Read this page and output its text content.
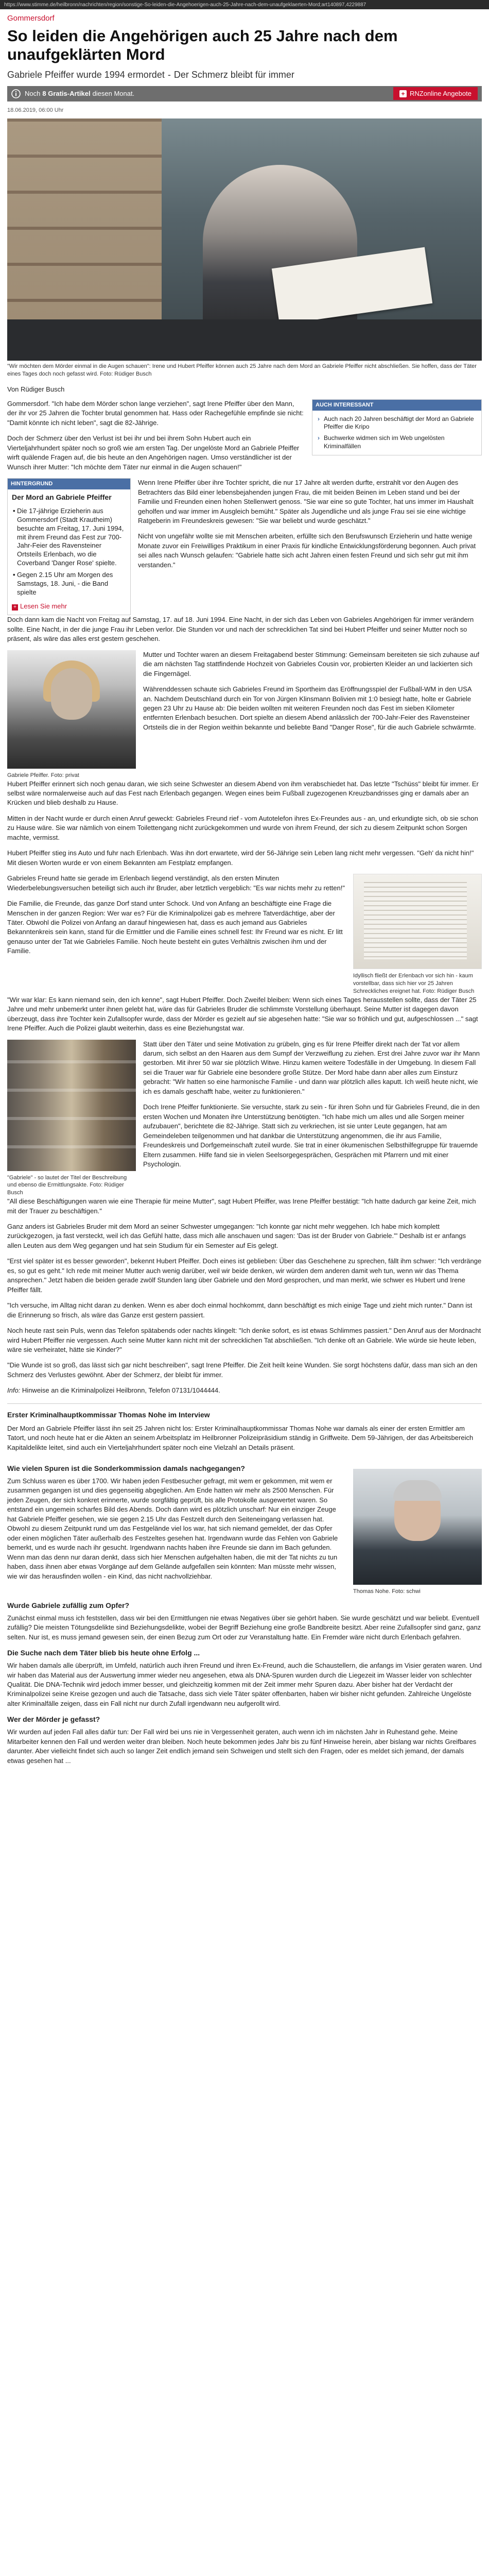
https://www.stimme.de/heilbronn/nachrichten/region/sonstige-So-leiden-die-Angehoerigen-auch-25-Jahre-nach-dem-unaufgeklaerten-Mord;art140897,4229887
Gommersdorf
So leiden die Angehörigen auch 25 Jahre nach dem unaufgeklärten Mord
Gabriele Pfeiffer wurde 1994 ermordet - Der Schmerz bleibt für immer
Noch 8 Gratis-Artikel diesen Monat.	+ RNZonline Angebote
18.06.2019, 06:00 Uhr
"Wir möchten dem Mörder einmal in die Augen schauen": Irene und Hubert Pfeiffer können auch 25 Jahre nach dem Mord an Gabriele Pfeiffer nicht abschließen. Sie hoffen, dass der Täter eines Tages doch noch gefasst wird. Foto: Rüdiger Busch
Von Rüdiger Busch

Gommersdorf. "Ich habe dem Mörder schon lange verziehen", sagt Irene Pfeiffer über den Mann, der ihr vor 25 Jahren die Tochter brutal genommen hat. Hass oder Rachegefühle empfinde sie nicht: "Damit könnte ich nicht leben", sagt die 82-Jährige.

Doch der Schmerz über den Verlust ist bei ihr und bei ihrem Sohn Hubert auch ein Vierteljahrhundert später noch so groß wie am ersten Tag. Der ungelöste Mord an Gabriele Pfeiffer wirft quälende Fragen auf, die bis heute an den Angehörigen nagen. Umso verständlicher ist der Wunsch ihrer Mutter: "Ich möchte dem Täter nur einmal in die Augen schauen!"

AUCH INTERESSANT
› Auch nach 20 Jahren beschäftigt der Mord an Gabriele Pfeiffer die Kripo
› Buchwerke widmen sich im Web ungelösten Kriminalfällen
HINTERGRUND
Der Mord an Gabriele Pfeiffer
• Die 17-jährige Erzieherin aus Gommersdorf (Stadt Krautheim) besuchte am Freitag, 17. Juni 1994, mit ihrem Freund das Fest zur 700-Jahr-Feier des Ravensteiner Ortsteils Erlenbach, wo die Coverband 'Danger Rose' spielte.
• Gegen 2.15 Uhr am Morgen des Samstags, 18. Juni, - die Band spielte
+ Lesen Sie mehr

Wenn Irene Pfeiffer über ihre Tochter spricht, die nur 17 Jahre alt werden durfte, erstrahlt vor den Augen des Betrachters das Bild einer lebensbejahenden jungen Frau, die mit beiden Beinen im Leben stand und bei der Familie und Freunden einen hohen Stellenwert genoss. "Sie war eine so gute Tochter, hat uns immer im Haushalt geholfen und war immer im Ausgleich bemüht." Später als Jugendliche und als junge Frau sei sie eine wichtige Ratgeberin im Freundeskreis gewesen: "Sie war beliebt und wurde geschätzt."

Nicht von ungefähr wollte sie mit Menschen arbeiten, erfüllte sich den Berufswunsch Erzieherin und hatte wenige Monate zuvor ein Freiwilliges Praktikum in einer Praxis für kindliche Entwicklungsförderung begonnen. Auch privat sei alles nach Wunsch gelaufen: "Gabriele hatte sich acht Jahren einen festen Freund und sich sehr gut mit ihm verstanden."

Doch dann kam die Nacht von Freitag auf Samstag, 17. auf 18. Juni 1994. Eine Nacht, in der sich das Leben von Gabrieles Angehörigen für immer verändern sollte. Eine Nacht, in der die junge Frau ihr Leben verlor. Die Stunden vor und nach der schrecklichen Tat sind bei Hubert Pfeiffer und seiner Mutter noch so präsent, als wäre das alles erst gestern geschehen.

Gabriele Pfeiffer. Foto: privat

Mutter und Tochter waren an diesem Freitagabend bester Stimmung: Gemeinsam bereiteten sie sich zuhause auf die am nächsten Tag stattfindende Hochzeit von Gabrieles Cousin vor, probierten Kleider an und lackierten sich die Fingernägel.

Währenddessen schaute sich Gabrieles Freund im Sportheim das Eröffnungsspiel der Fußball-WM in den USA an. Nachdem Deutschland durch ein Tor von Jürgen Klinsmann Bolivien mit 1:0 besiegt hatte, holte er Gabriele gegen 23 Uhr zu Hause ab: Die beiden wollten mit weiteren Freunden noch das Fest im sieben Kilometer entfernten Erlenbach besuchen. Dort spielte an diesem Abend anlässlich der 700-Jahr-Feier des Ravensteiner Ortsteils die in der Region weithin bekannte und beliebte Band "Danger Rose", für die auch Gabriele schwärmte.

Hubert Pfeiffer erinnert sich noch genau daran, wie sich seine Schwester an diesem Abend von ihm verabschiedet hat. Das letzte "Tschüss" bleibt für immer. Er selbst wäre normalerweise auch auf das Fest nach Erlenbach gegangen. Wegen eines beim Fußball zugezogenen Kreuzbandrisses ging er damals aber an Krücken und blieb deshalb zu Hause.

Mitten in der Nacht wurde er durch einen Anruf geweckt: Gabrieles Freund rief - vom Autotelefon ihres Ex-Freundes aus - an, und erkundigte sich, ob sie schon zu Hause wäre. Sie war nämlich von einem Toilettengang nicht zurückgekommen und wurde von ihrem Freund, der sich zu diesem Zeitpunkt schon Sorgen machte, vermisst.

Hubert Pfeiffer stieg ins Auto und fuhr nach Erlenbach. Was ihn dort erwartete, wird der 56-Jährige sein Leben lang nicht mehr vergessen. "Geh' da nicht hin!" Mit diesen Worten wurde er von einem Bekannten am Festplatz empfangen.

Gabrieles Freund hatte sie gerade im Erlenbach liegend verständigt, als den ersten Minuten Wiederbelebungsversuchen beteiligt sich auch ihr Bruder, aber letztlich vergeblich: "Es war nichts mehr zu retten!"

Die Familie, die Freunde, das ganze Dorf stand unter Schock. Und von Anfang an beschäftigte eine Frage die Menschen in der ganzen Region: Wer war es? Für die Kriminalpolizei gab es mehrere Tatverdächtige, aber der Täter. Obwohl die Polizei von Anfang an darauf hingewiesen hat, dass es auch jemand aus Gabrieles Bekanntenkreis sein kann, stand für die Ermittler und die Familie eines schnell fest: Ihr Freund war es nicht. Er litt genauso unter der Tat wie Gabrieles Familie. Noch heute besteht ein gutes Verhältnis zwischen ihm und der Familie.

Idyllisch fließt der Erlenbach vor sich hin - kaum vorstellbar, dass sich hier vor 25 Jahren Schreckliches ereignet hat. Foto: Rüdiger Busch

"Wir war klar: Es kann niemand sein, den ich kenne", sagt Hubert Pfeiffer. Doch Zweifel bleiben: Wenn sich eines Tages herausstellen sollte, dass der Täter 25 Jahre und mehr unbemerkt unter ihnen gelebt hat, wäre das für Gabrieles Bruder die schlimmste Vorstellung überhaupt. Seine Mutter ist dagegen davon überzeugt, dass ihre Tochter kein Zufallsopfer wurde, dass der Mörder es gezielt auf sie abgesehen hatte: "Sie war so fröhlich und gut, aufgeschlossen ..." sagt Irene Pfeiffer. Auch die Polizei glaubt weiterhin, dass es eine Beziehungstat war.

"Gabriele" - so lautet der Titel der Beschreibung und ebenso die Ermittlungsakte. Foto: Rüdiger Busch

Statt über den Täter und seine Motivation zu grübeln, ging es für Irene Pfeiffer direkt nach der Tat vor allem darum, sich selbst an den Haaren aus dem Sumpf der Verzweiflung zu ziehen. Erst drei Jahre zuvor war ihr Mann gestorben. Mit ihrer 50 war sie plötzlich Witwe. Hinzu kamen weitere Todesfälle in der Umgebung. In diesem Fall sei die Trauer war für Gabriele eine besondere große Stütze. Der Mord habe dann aber alles zum Einsturz gebracht: "Wir hatten so eine harmonische Familie - und dann war plötzlich alles kaputt. Ich weiß heute nicht, wie ich es damals geschafft habe, weiter zu funktionieren."

Doch Irene Pfeiffer funktionierte. Sie versuchte, stark zu sein - für ihren Sohn und für Gabrieles Freund, die in den ersten Wochen und Monaten ihre Unterstützung benötigten. "Ich habe mich um alles und alle Sorgen meiner aufzubauen", berichtete die 82-Jährige. Statt sich zu verkriechen, ist sie unter Leute gegangen, hat am Gemeindeleben teilgenommen und hat dankbar die Unterstützung angenommen, die ihr aus Familie, Freundeskreis und Dorfgemeinschaft zuteil wurde. Sie trat in einer ökumenischen Selbsthilfegruppe für trauernde Eltern zusammen. Hilfe fand sie in vielen Seelsorgegesprächen, Gesprächen mit Pfarrern und mit einer Psychologin.

"All diese Beschäftigungen waren wie eine Therapie für meine Mutter", sagt Hubert Pfeiffer, was Irene Pfeiffer bestätigt: "Ich hatte dadurch gar keine Zeit, mich mit der Trauer zu beschäftigen."

Ganz anders ist Gabrieles Bruder mit dem Mord an seiner Schwester umgegangen: "Ich konnte gar nicht mehr weggehen. Ich habe mich komplett zurückgezogen, ja fast versteckt, weil ich das Gefühl hatte, dass mich alle anschauen und sagen: 'Das ist der Bruder von Gabriele.'" Deshalb ist er anfangs allen Leuten aus dem Weg gegangen und hat sein Studium für ein Semester auf Eis gelegt.

"Erst viel später ist es besser geworden", bekennt Hubert Pfeiffer. Doch eines ist geblieben: Über das Geschehene zu sprechen, fällt ihm schwer: "Ich verdränge es, so gut es geht." Ich rede mit meiner Mutter auch wenig darüber, weil wir beide denken, wir würden dem anderen damit weh tun, wenn wir das Thema ansprechen." Jetzt haben die beiden gerade zwölf Stunden lang über Gabriele und den Mord gesprochen, und man merkt, wie schwer es Hubert und Irene Pfeiffer fällt.

"Ich versuche, im Alltag nicht daran zu denken. Wenn es aber doch einmal hochkommt, dann beschäftigt es mich einige Tage und zieht mich runter." Dann ist die Erinnerung so frisch, als wäre das Ganze erst gestern passiert.

Noch heute rast sein Puls, wenn das Telefon spätabends oder nachts klingelt: "Ich denke sofort, es ist etwas Schlimmes passiert." Den Anruf aus der Mordnacht wird Hubert Pfeiffer nie vergessen. Auch seine Mutter kann nicht mit der schrecklichen Tat abschließen. "Ich denke oft an Gabriele. Wie würde sie heute leben, wäre sie verheiratet, hätte sie Kinder?"

"Die Wunde ist so groß, das lässt sich gar nicht beschreiben", sagt Irene Pfeiffer. Die Zeit heilt keine Wunden. Sie sorgt höchstens dafür, dass man sich an den Schmerz des Verlustes gewöhnt. Aber der Schmerz, der bleibt für immer.

Info: Hinweise an die Kriminalpolizei Heilbronn, Telefon 07131/1044444.
Erster Kriminalhauptkommissar Thomas Nohe im Interview

Der Mord an Gabriele Pfeiffer lässt ihn seit 25 Jahren nicht los: Erster Kriminalhauptkommissar Thomas Nohe war damals als einer der ersten Ermittler am Tatort, und noch heute hat er die Akten an seinem Arbeitsplatz im Heilbronner Polizeipräsidium ständig in Griffweite. Dem 59-Jährigen, der das Arbeitsbereich Kapitaldelikte leitet, sind auch ein Vierteljahrhundert später noch eine Vielzahl an Details präsent.

Wie vielen Spuren ist die Sonderkommission damals nachgegangen?

Zum Schluss waren es über 1700. Wir haben jeden Festbesucher gefragt, mit wem er gekommen, mit wem er zusammen gegangen ist und dies gegenseitig abgeglichen. Am Ende hatten wir mehr als 2500 Menschen. Für jeden Zeugen, der sich konkret erinnerte, wurde sorgfältig geprüft, bis alle Protokolle ausgewertet waren. So entstand ein ungemein scharfes Bild des Abends. Doch dann wird es plötzlich unscharf: Nur ein einziger Zeuge hat Gabriele Pfeiffer gesehen, wie sie gegen 2.15 Uhr das Festzelt durch den Seiteneingang verlassen hat. Obwohl zu diesem Zeitpunkt rund um das Festgelände viel los war, hat sich niemand gemeldet, der das Opfer oder einen möglichen Täter außerhalb des Festzeltes gesehen hat. Irgendwann wurde das Fehlen von Gabriele bemerkt, und es wurde nach ihr gesucht. Irgendwann nachts haben ihre Freunde sie dann im Bach gefunden. Wenn man das denn nur daran denkt, dass sich hier Menschen aufgehalten haben, die mit der Tat nichts zu tun haben, dass ihnen aber etwas Vorgänge auf dem Gelände aufgefallen sein könnten: Man müsste mehr wissen, wie wir das herausfinden wollen - ein Kind, das nicht nachvollziehbar.

Thomas Nohe. Foto: schwi
Wurde Gabriele zufällig zum Opfer?

Zunächst einmal muss ich feststellen, dass wir bei den Ermittlungen nie etwas Negatives über sie gehört haben. Sie wurde geschätzt und war beliebt. Eventuell zufällig? Die meisten Tötungsdelikte sind Beziehungsdelikte, wobei der Begriff Beziehung eine große Bandbreite besitzt. Aber reine Zufallsopfer sind ganz, ganz selten. Nur ist, es muss jemand gewesen sein, der einen Bezug zum Ort oder zur Veranstaltung hatte. Ein Fremder wäre nicht durch Erlenbach gefahren.

Die Suche nach dem Täter blieb bis heute ohne Erfolg ...

Wir haben damals alle überprüft, im Umfeld, natürlich auch ihren Freund und ihren Ex-Freund, auch die Schaustellern, die anfangs im Visier geraten waren. Und wir haben das Material aus der Auswertung immer wieder neu angesehen, etwa als DNA-Spuren wurden durch die Liegezeit im Wasser leider von schlechter Qualität. Die DNA-Technik wird jedoch immer besser, und gleichzeitig kommen mit der Zeit immer mehr Spuren dazu. Aber bisher hat der Verdacht der Kriminalpolizei seine Kreise gezogen und auch die Tatsache, dass sich viele Täter später offenbarten, haben wir bisher nicht gefunden. Zahlreiche Ungelöste alter Kriminalfälle zeigen, dass ein Fall nicht nur durch Zufall irgendwann neu aufgerollt wird.

Wer der Mörder je gefasst?

Wir wurden auf jeden Fall alles dafür tun: Der Fall wird bei uns nie in Vergessenheit geraten, auch wenn ich im nächsten Jahr in Ruhestand gehe. Meine Mitarbeiter kennen den Fall und werden weiter dran bleiben. Noch heute bekommen jedes Jahr bis zu fünf Hinweise herein, aber bislang war nichts Greifbares darunter. Aber vielleicht findet sich auch so langer Zeit endlich jemand sein Schweigen und stellt sich den Fragen, oder es meldet sich jemand, der damals etwas gesehen hat ...
